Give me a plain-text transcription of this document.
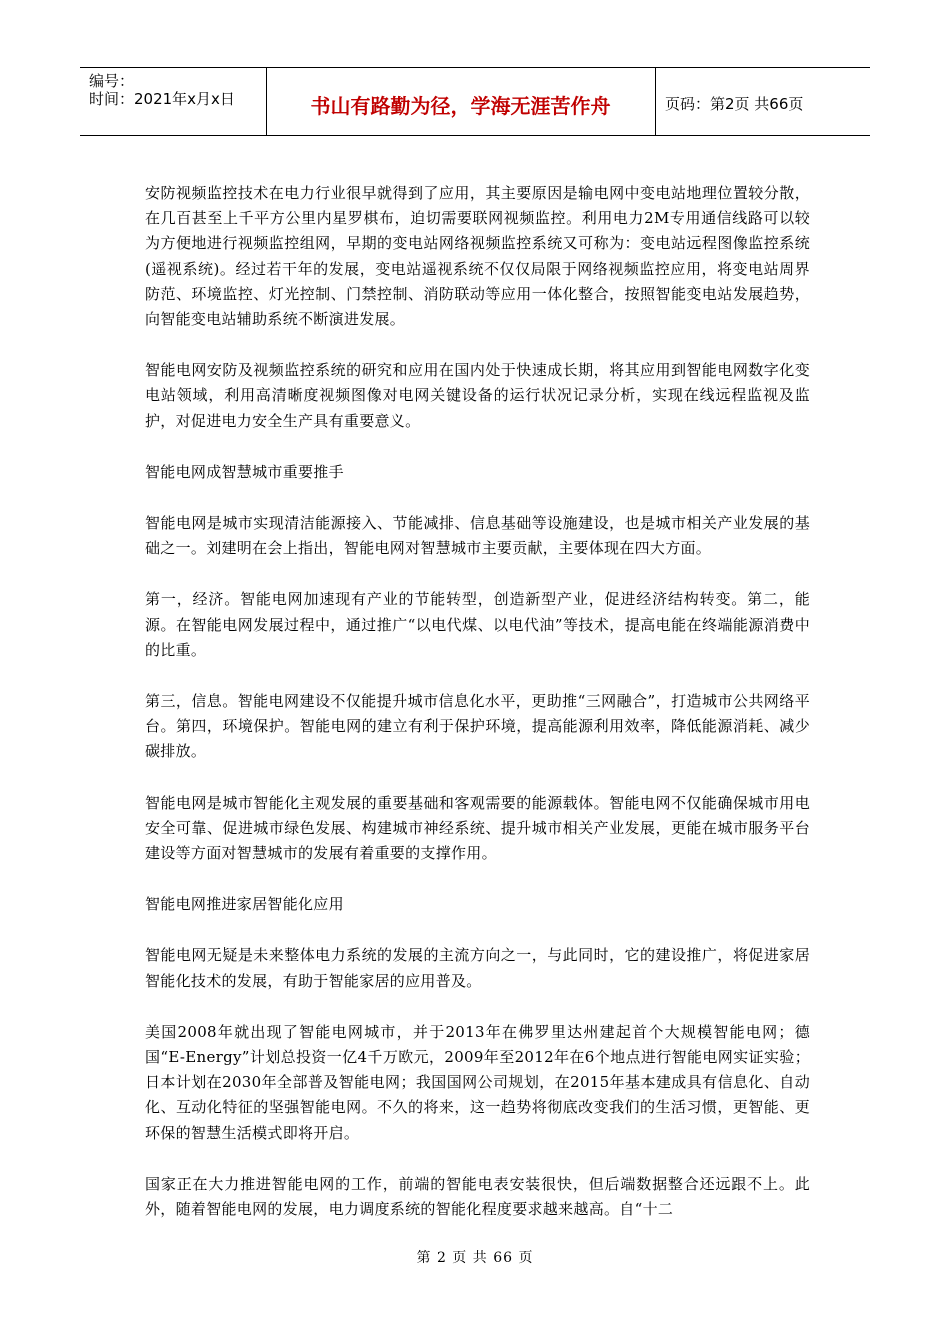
编号：
时间：2021年x月x日	书山有路勤为径，学海无涯苦作舟	页码：第2页 共66页

安防视频监控技术在电力行业很早就得到了应用，其主要原因是输电网中变电站地理位置较分散，在几百甚至上千平方公里内星罗棋布，迫切需要联网视频监控。利用电力2M专用通信线路可以较为方便地进行视频监控组网，早期的变电站网络视频监控系统又可称为：变电站远程图像监控系统(遥视系统)。经过若干年的发展，变电站遥视系统不仅仅局限于网络视频监控应用，将变电站周界防范、环境监控、灯光控制、门禁控制、消防联动等应用一体化整合，按照智能变电站发展趋势，向智能变电站辅助系统不断演进发展。

智能电网安防及视频监控系统的研究和应用在国内处于快速成长期，将其应用到智能电网数字化变电站领域，利用高清晰度视频图像对电网关键设备的运行状况记录分析，实现在线远程监视及监护，对促进电力安全生产具有重要意义。

智能电网成智慧城市重要推手

智能电网是城市实现清洁能源接入、节能减排、信息基础等设施建设，也是城市相关产业发展的基础之一。刘建明在会上指出，智能电网对智慧城市主要贡献，主要体现在四大方面。

第一，经济。智能电网加速现有产业的节能转型，创造新型产业，促进经济结构转变。第二，能源。在智能电网发展过程中，通过推广“以电代煤、以电代油”等技术，提高电能在终端能源消费中的比重。

第三，信息。智能电网建设不仅能提升城市信息化水平，更助推“三网融合”，打造城市公共网络平台。第四，环境保护。智能电网的建立有利于保护环境，提高能源利用效率，降低能源消耗、减少碳排放。

智能电网是城市智能化主观发展的重要基础和客观需要的能源载体。智能电网不仅能确保城市用电安全可靠、促进城市绿色发展、构建城市神经系统、提升城市相关产业发展，更能在城市服务平台建设等方面对智慧城市的发展有着重要的支撑作用。

智能电网推进家居智能化应用

智能电网无疑是未来整体电力系统的发展的主流方向之一，与此同时，它的建设推广，将促进家居智能化技术的发展，有助于智能家居的应用普及。

美国2008年就出现了智能电网城市，并于2013年在佛罗里达州建起首个大规模智能电网；德国“E-Energy”计划总投资一亿4千万欧元，2009年至2012年在6个地点进行智能电网实证实验；日本计划在2030年全部普及智能电网；我国国网公司规划，在2015年基本建成具有信息化、自动化、互动化特征的坚强智能电网。不久的将来，这一趋势将彻底改变我们的生活习惯，更智能、更环保的智慧生活模式即将开启。

国家正在大力推进智能电网的工作，前端的智能电表安装很快，但后端数据整合还远跟不上。此外，随着智能电网的发展，电力调度系统的智能化程度要求越来越高。自“十二

第 2 页 共 66 页
